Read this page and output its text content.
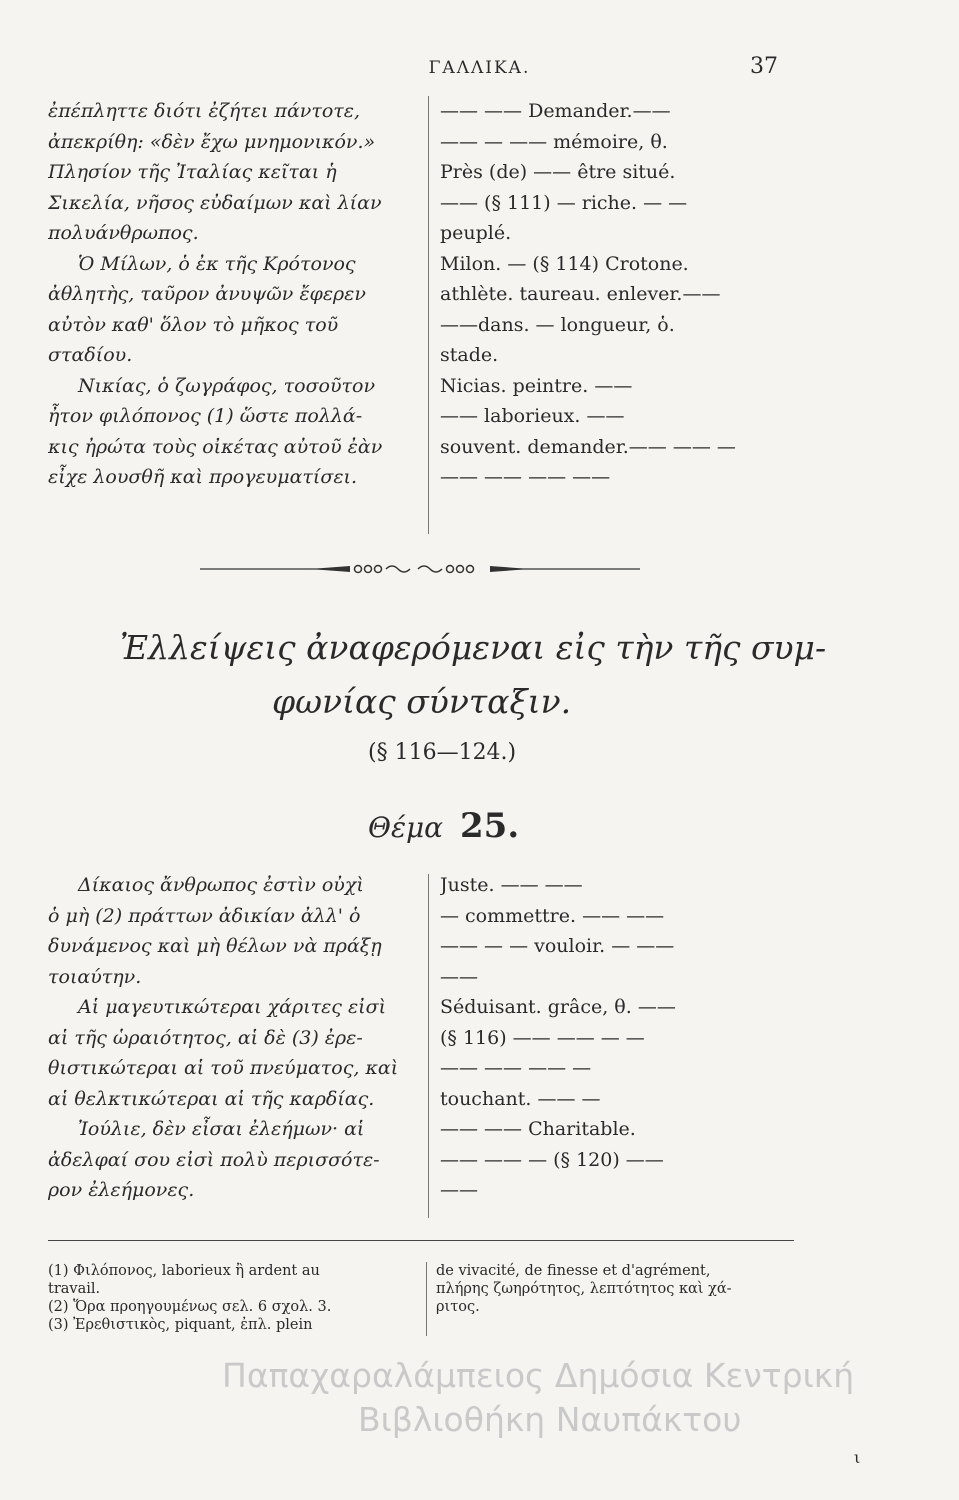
ΓΑΛΛΙΚΑ.	37
ἐπέπληττε διότι ἐζήτει πάντοτε,
ἀπεκρίθη: «δὲν ἔχω μνημονικόν.»
Πλησίον τῆς Ἰταλίας κεῖται ἡ
Σικελία, νῆσος εὐδαίμων καὶ λίαν
πολυάνθρωπος.
Ὁ Μίλων, ὁ ἐκ τῆς Κρότονος
ἀθλητὴς, ταῦρον ἀνυψῶν ἔφερεν
αὐτὸν καθ' ὅλον τὸ μῆκος τοῦ
σταδίου.
Νικίας, ὁ ζωγράφος, τοσοῦτον
ἦτον φιλόπονος (1) ὥστε πολλά-
κις ἠρώτα τοὺς οἰκέτας αὐτοῦ ἐὰν
εἶχε λουσθῆ καὶ προγευματίσει.
—— —— Demander.——
—— — —— mémoire, θ.
Près (de) —— être situé.
—— (§ 111) — riche. — —
peuplé.
Milon. — (§ 114) Crotone.
athlète. taureau. enlever.——
——dans. — longueur, ὁ.
stade.
Nicias. peintre. ——
—— laborieux. ——
souvent. demander.—— —— —
—— —— —— ——
Ἐλλείψεις ἀναφερόμεναι εἰς τὴν τῆς συμ-
φωνίας σύνταξιν.
(§ 116—124.)
Θέμα 25.
Δίκαιος ἄνθρωπος ἐστὶν οὐχὶ
ὁ μὴ (2) πράττων ἀδικίαν ἀλλ' ὁ
δυνάμενος καὶ μὴ θέλων νὰ πράξῃ
τοιαύτην.
Αἱ μαγευτικώτεραι χάριτες εἰσὶ
αἱ τῆς ὡραιότητος, αἱ δὲ (3) ἐρε-
θιστικώτεραι αἱ τοῦ πνεύματος, καὶ
αἱ θελκτικώτεραι αἱ τῆς καρδίας.
Ἰούλιε, δὲν εἶσαι ἐλεήμων· αἱ
ἀδελφαί σου εἰσὶ πολὺ περισσότε-
ρον ἐλεήμονες.
Juste. —— ——
— commettre. —— ——
—— — — vouloir. — ——
——
Séduisant. grâce, θ. ——
(§ 116) —— —— — —
—— —— —— —
touchant. —— —
—— —— Charitable.
—— —— — (§ 120) ——
——
(1) Φιλόπονος, laborieux ἢ ardent au
travail.
(2) Ὅρα προηγουμένως σελ. 6 σχολ. 3.
(3) Ἐρεθιστικὸς, piquant, ἐπλ. plein
de vivacité, de finesse et d'agrément,
πλήρης ζωηρότητος, λεπτότητος καὶ χά-
ριτος.
Παπαχαραλάμπειος Δημόσια Κεντρική
Βιβλιοθήκη Ναυπάκτου
ι
